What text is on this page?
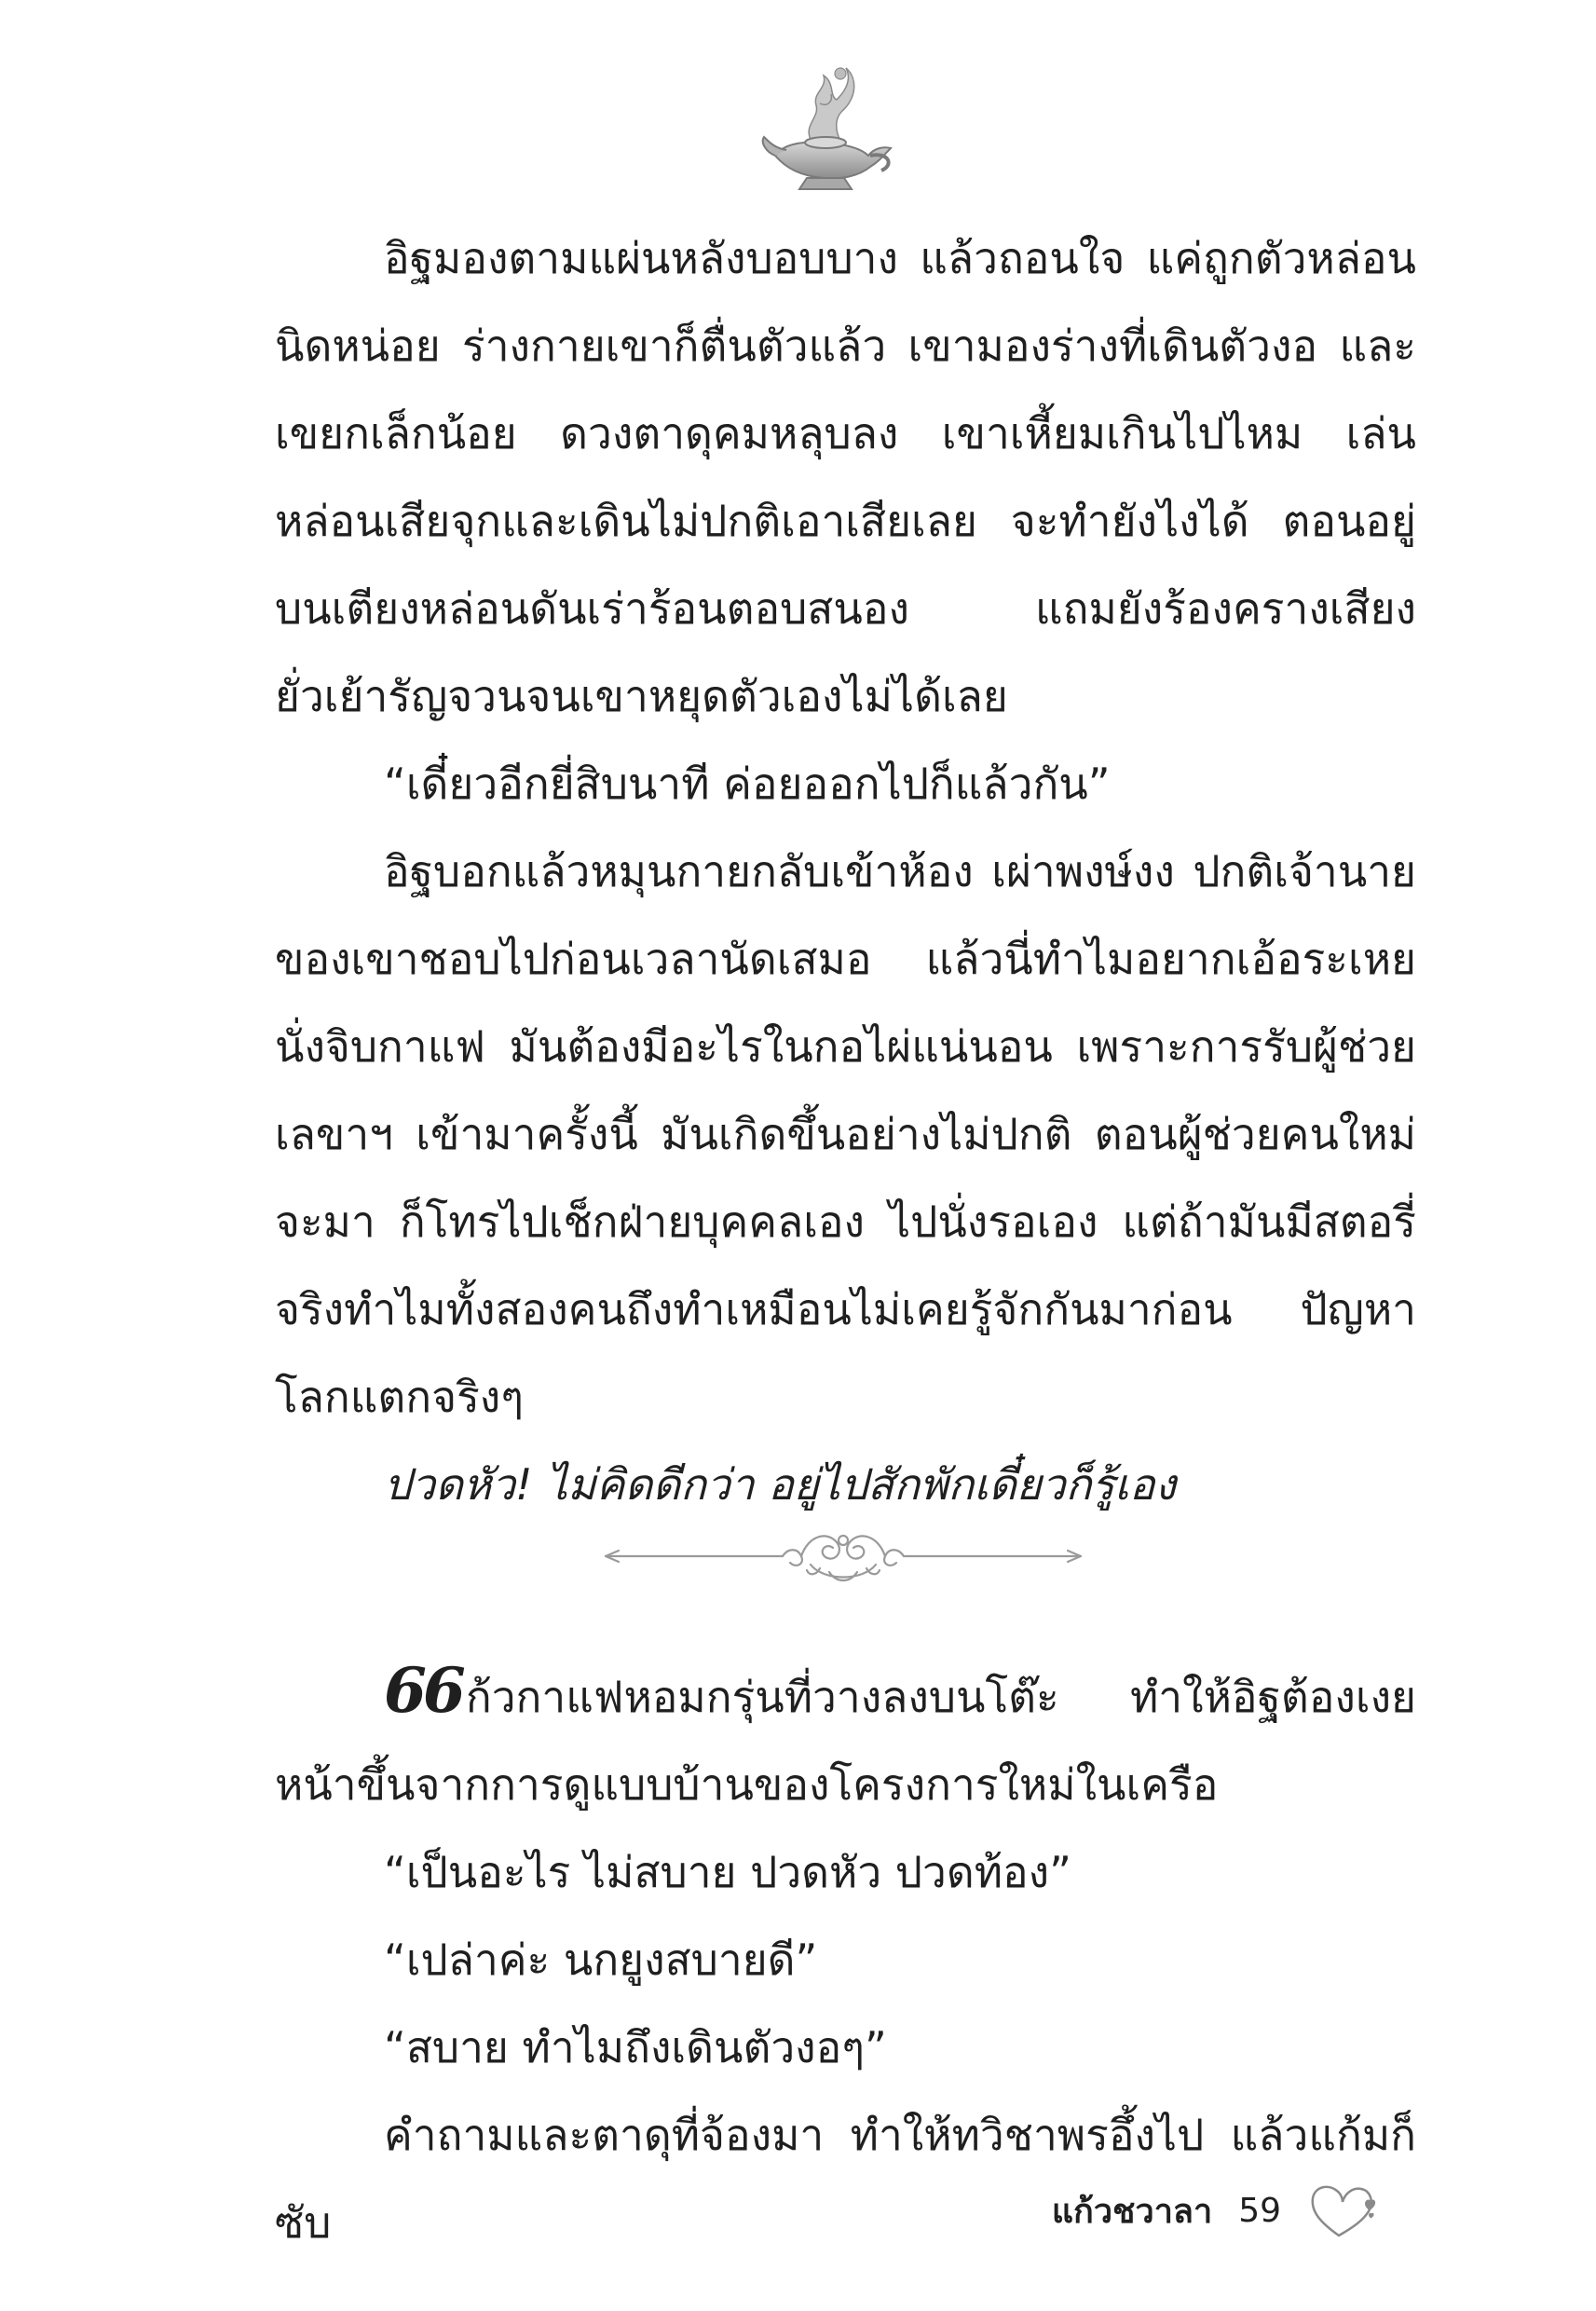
อิฐมองตามแผ่นหลังบอบบาง แล้วถอนใจ แค่ถูกตัวหล่อนนิดหน่อย ร่างกายเขาก็ตื่นตัวแล้ว เขามองร่างที่เดินตัวงอ และเขยกเล็กน้อย ดวงตาดุคมหลุบลง เขาเหี้ยมเกินไปไหม เล่นหล่อนเสียจุกและเดินไม่ปกติเอาเสียเลย จะทำยังไงได้ ตอนอยู่บนเตียงหล่อนดันเร่าร้อนตอบสนอง แถมยังร้องครางเสียงยั่วเย้ารัญจวนจนเขาหยุดตัวเองไม่ได้เลย

“เดี๋ยวอีกยี่สิบนาที ค่อยออกไปก็แล้วกัน”

อิฐบอกแล้วหมุนกายกลับเข้าห้อง เผ่าพงษ์งง ปกติเจ้านายของเขาชอบไปก่อนเวลานัดเสมอ แล้วนี่ทำไมอยากเอ้อระเหยนั่งจิบกาแฟ มันต้องมีอะไรในกอไผ่แน่นอน เพราะการรับผู้ช่วยเลขาฯ เข้ามาครั้งนี้ มันเกิดขึ้นอย่างไม่ปกติ ตอนผู้ช่วยคนใหม่จะมา ก็โทรไปเช็กฝ่ายบุคคลเอง ไปนั่งรอเอง แต่ถ้ามันมีสตอรี่จริงทำไมทั้งสองคนถึงทำเหมือนไม่เคยรู้จักกันมาก่อน ปัญหาโลกแตกจริงๆ

ปวดหัว! ไม่คิดดีกว่า อยู่ไปสักพักเดี๋ยวก็รู้เอง

66ก้วกาแฟหอมกรุ่นที่วางลงบนโต๊ะ ทำให้อิฐต้องเงยหน้าขึ้นจากการดูแบบบ้านของโครงการใหม่ในเครือ

“เป็นอะไร ไม่สบาย ปวดหัว ปวดท้อง”

“เปล่าค่ะ นกยูงสบายดี”

“สบาย ทำไมถึงเดินตัวงอๆ”

คำถามและตาดุที่จ้องมา ทำให้ทวิชาพรอึ้งไป แล้วแก้มก็ซับ	แก้วชวาลา 59
